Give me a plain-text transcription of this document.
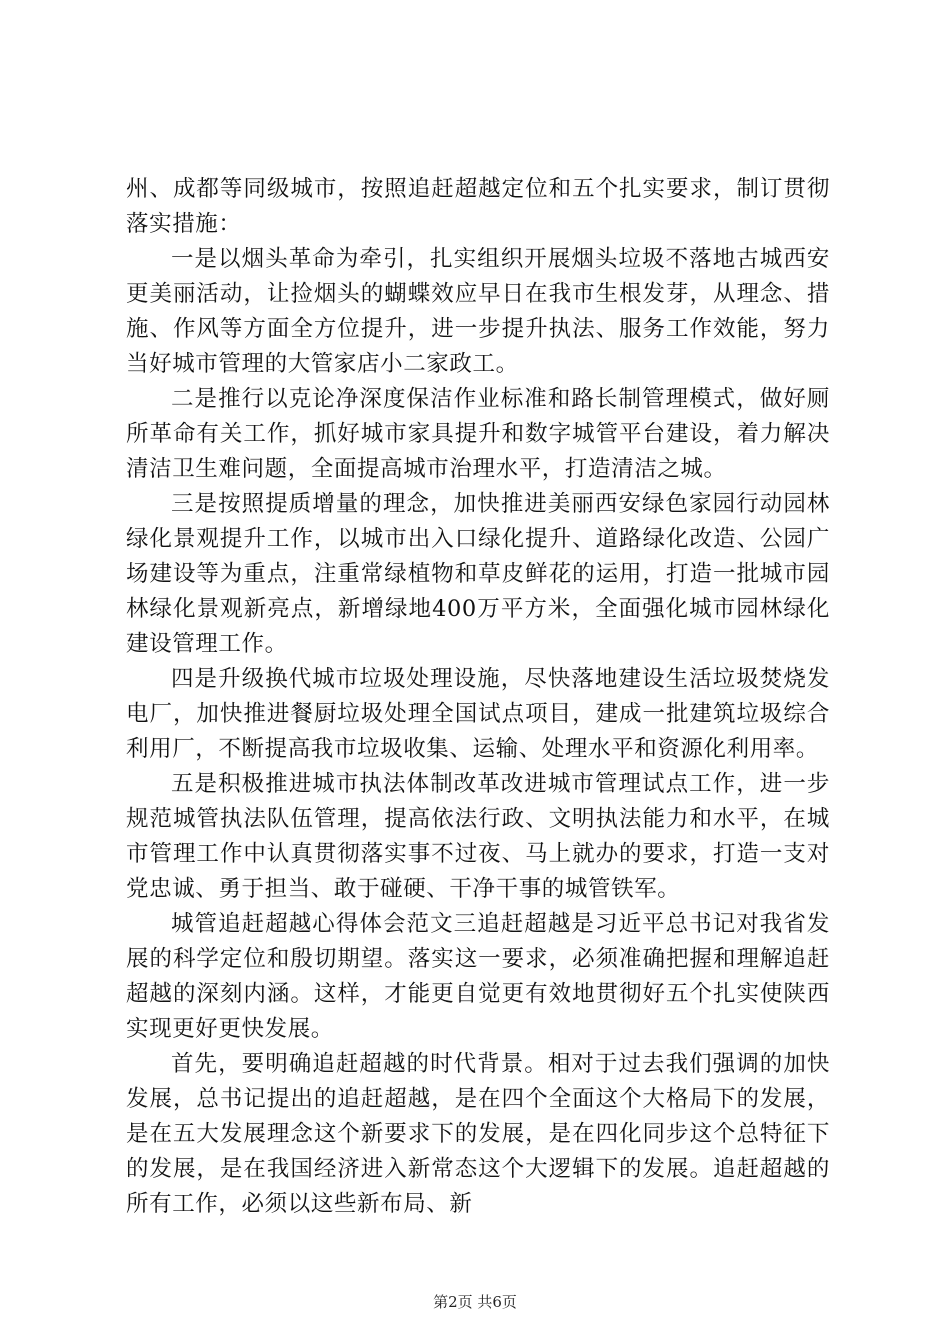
州、成都等同级城市，按照追赶超越定位和五个扎实要求，制订贯彻落实措施：

一是以烟头革命为牵引，扎实组织开展烟头垃圾不落地古城西安更美丽活动，让捡烟头的蝴蝶效应早日在我市生根发芽，从理念、措施、作风等方面全方位提升，进一步提升执法、服务工作效能，努力当好城市管理的大管家店小二家政工。

二是推行以克论净深度保洁作业标准和路长制管理模式，做好厕所革命有关工作，抓好城市家具提升和数字城管平台建设，着力解决清洁卫生难问题，全面提高城市治理水平，打造清洁之城。

三是按照提质增量的理念，加快推进美丽西安绿色家园行动园林绿化景观提升工作，以城市出入口绿化提升、道路绿化改造、公园广场建设等为重点，注重常绿植物和草皮鲜花的运用，打造一批城市园林绿化景观新亮点，新增绿地400万平方米，全面强化城市园林绿化建设管理工作。

四是升级换代城市垃圾处理设施，尽快落地建设生活垃圾焚烧发电厂，加快推进餐厨垃圾处理全国试点项目，建成一批建筑垃圾综合利用厂，不断提高我市垃圾收集、运输、处理水平和资源化利用率。

五是积极推进城市执法体制改革改进城市管理试点工作，进一步规范城管执法队伍管理，提高依法行政、文明执法能力和水平，在城市管理工作中认真贯彻落实事不过夜、马上就办的要求，打造一支对党忠诚、勇于担当、敢于碰硬、干净干事的城管铁军。

城管追赶超越心得体会范文三追赶超越是习近平总书记对我省发展的科学定位和殷切期望。落实这一要求，必须准确把握和理解追赶超越的深刻内涵。这样，才能更自觉更有效地贯彻好五个扎实使陕西实现更好更快发展。

首先，要明确追赶超越的时代背景。相对于过去我们强调的加快发展，总书记提出的追赶超越，是在四个全面这个大格局下的发展，是在五大发展理念这个新要求下的发展，是在四化同步这个总特征下的发展，是在我国经济进入新常态这个大逻辑下的发展。追赶超越的所有工作，必须以这些新布局、新

第2页 共6页
